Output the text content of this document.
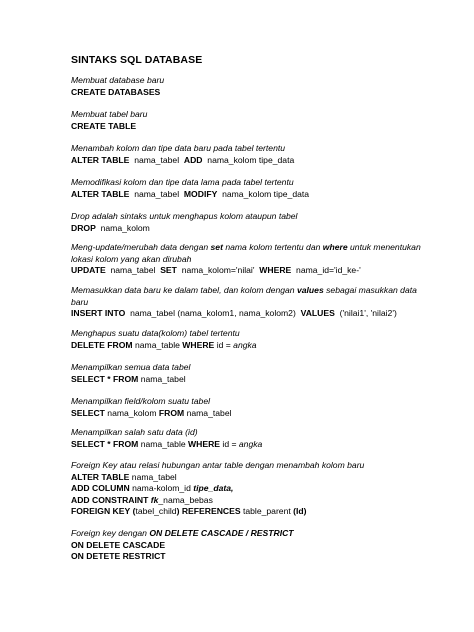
SINTAKS SQL DATABASE
Membuat database baru
CREATE DATABASES
Membuat tabel baru
CREATE TABLE
Menambah kolom dan tipe data baru pada tabel tertentu
ALTER TABLE nama_tabel ADD nama_kolom tipe_data
Memodifikasi kolom dan tipe data lama pada tabel tertentu
ALTER TABLE nama_tabel MODIFY nama_kolom tipe_data
Drop adalah sintaks untuk menghapus kolom ataupun tabel
DROP nama_kolom
Meng-update/merubah data dengan set nama kolom tertentu dan where untuk menentukan lokasi kolom yang akan dirubah
UPDATE nama_tabel SET nama_kolom='nilai' WHERE nama_id='id_ke-'
Memasukkan data baru ke dalam tabel, dan kolom dengan values sebagai masukkan data baru
INSERT INTO nama_tabel (nama_kolom1, nama_kolom2) VALUES ('nilai1', 'nilai2')
Menghapus suatu data(kolom) tabel tertentu
DELETE FROM nama_table WHERE id = angka
Menampilkan semua data tabel
SELECT * FROM nama_tabel
Menampilkan field/kolom suatu tabel
SELECT nama_kolom FROM nama_tabel
Menampilkan salah satu data (id)
SELECT * FROM nama_table WHERE id = angka
Foreign Key atau relasi hubungan antar table dengan menambah kolom baru
ALTER TABLE nama_tabel
ADD COLUMN nama-kolom_id tipe_data,
ADD CONSTRAINT fk_nama_bebas
FOREIGN KEY (tabel_child) REFERENCES table_parent (Id)
Foreign key dengan ON DELETE CASCADE / RESTRICT
ON DELETE CASCADE
ON DETETE RESTRICT
